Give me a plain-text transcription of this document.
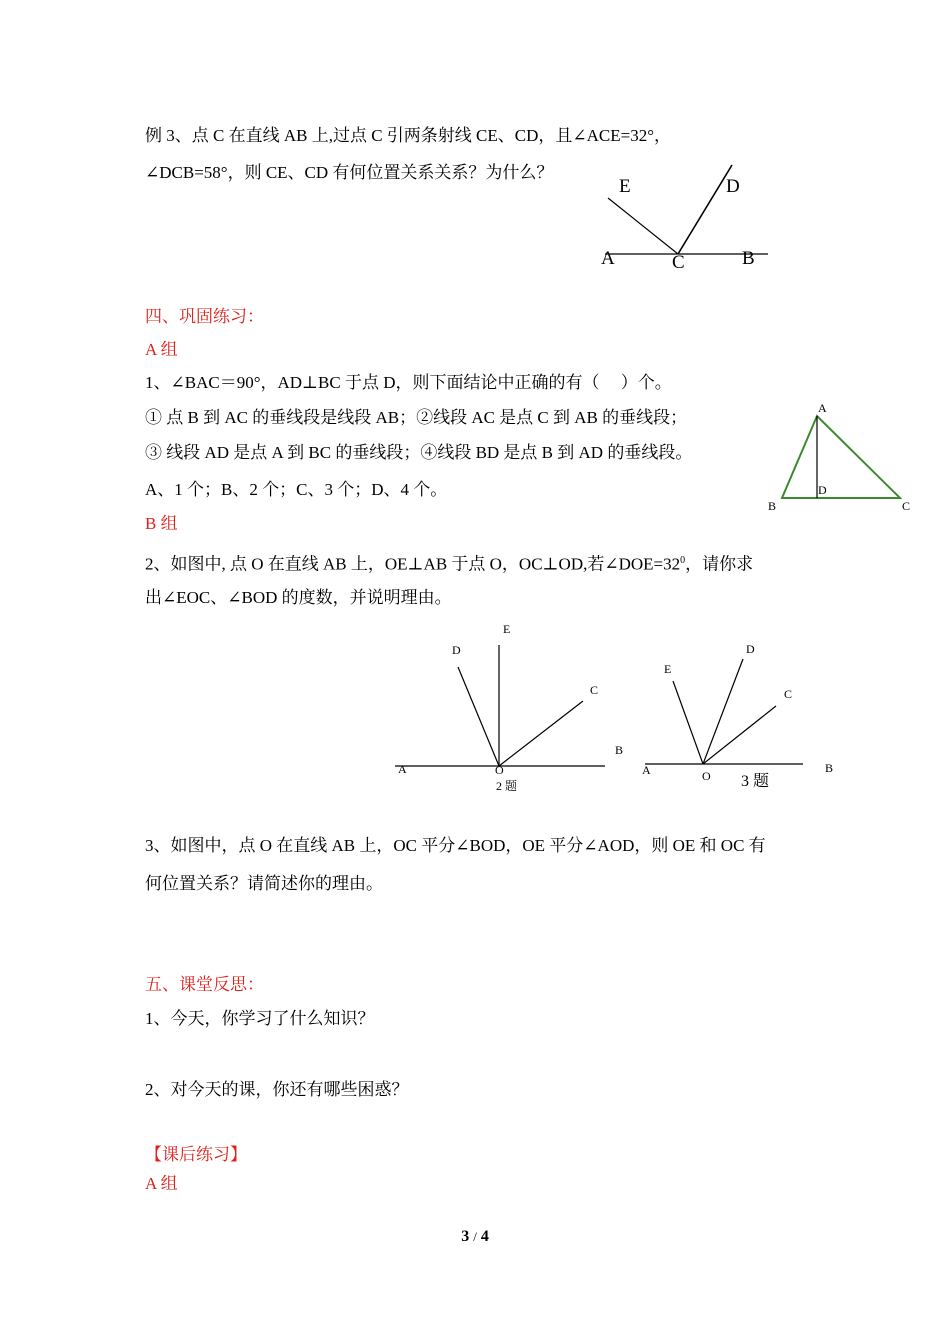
例 3、点 C 在直线 AB 上,过点 C 引两条射线 CE、CD，且∠ACE=32°，
∠DCB=58°，则 CE、CD 有何位置关系关系？为什么？
E	D
A	C	B
四、巩固练习：
A 组
1、∠BAC＝90°，AD⊥BC 于点 D，则下面结论中正确的有（　 ）个。
① 点 B 到 AC 的垂线段是线段 AB；②线段 AC 是点 C 到 AB 的垂线段；
③ 线段 AD 是点 A 到 BC 的垂线段；④线段 BD 是点 B 到 AD 的垂线段。
A、1 个；B、2 个；C、3 个；D、4 个。
A
B
D
C
B 组
2、如图中, 点 O 在直线 AB 上，OE⊥AB 于点 O，OC⊥OD,若$\angle DOE=32^0$，请你求
出∠EOC、∠BOD 的度数，并说明理由。
E
D
C
B
A	O
2 题
D
E
C
A	O
B
3 题
3、如图中，点 O 在直线 AB 上，OC 平分∠BOD，OE 平分∠AOD，则 OE 和 OC 有
何位置关系？请简述你的理由。
五、课堂反思：
1、今天，你学习了什么知识？
2、对今天的课，你还有哪些困惑？
【课后练习】
A 组
3 / 4
